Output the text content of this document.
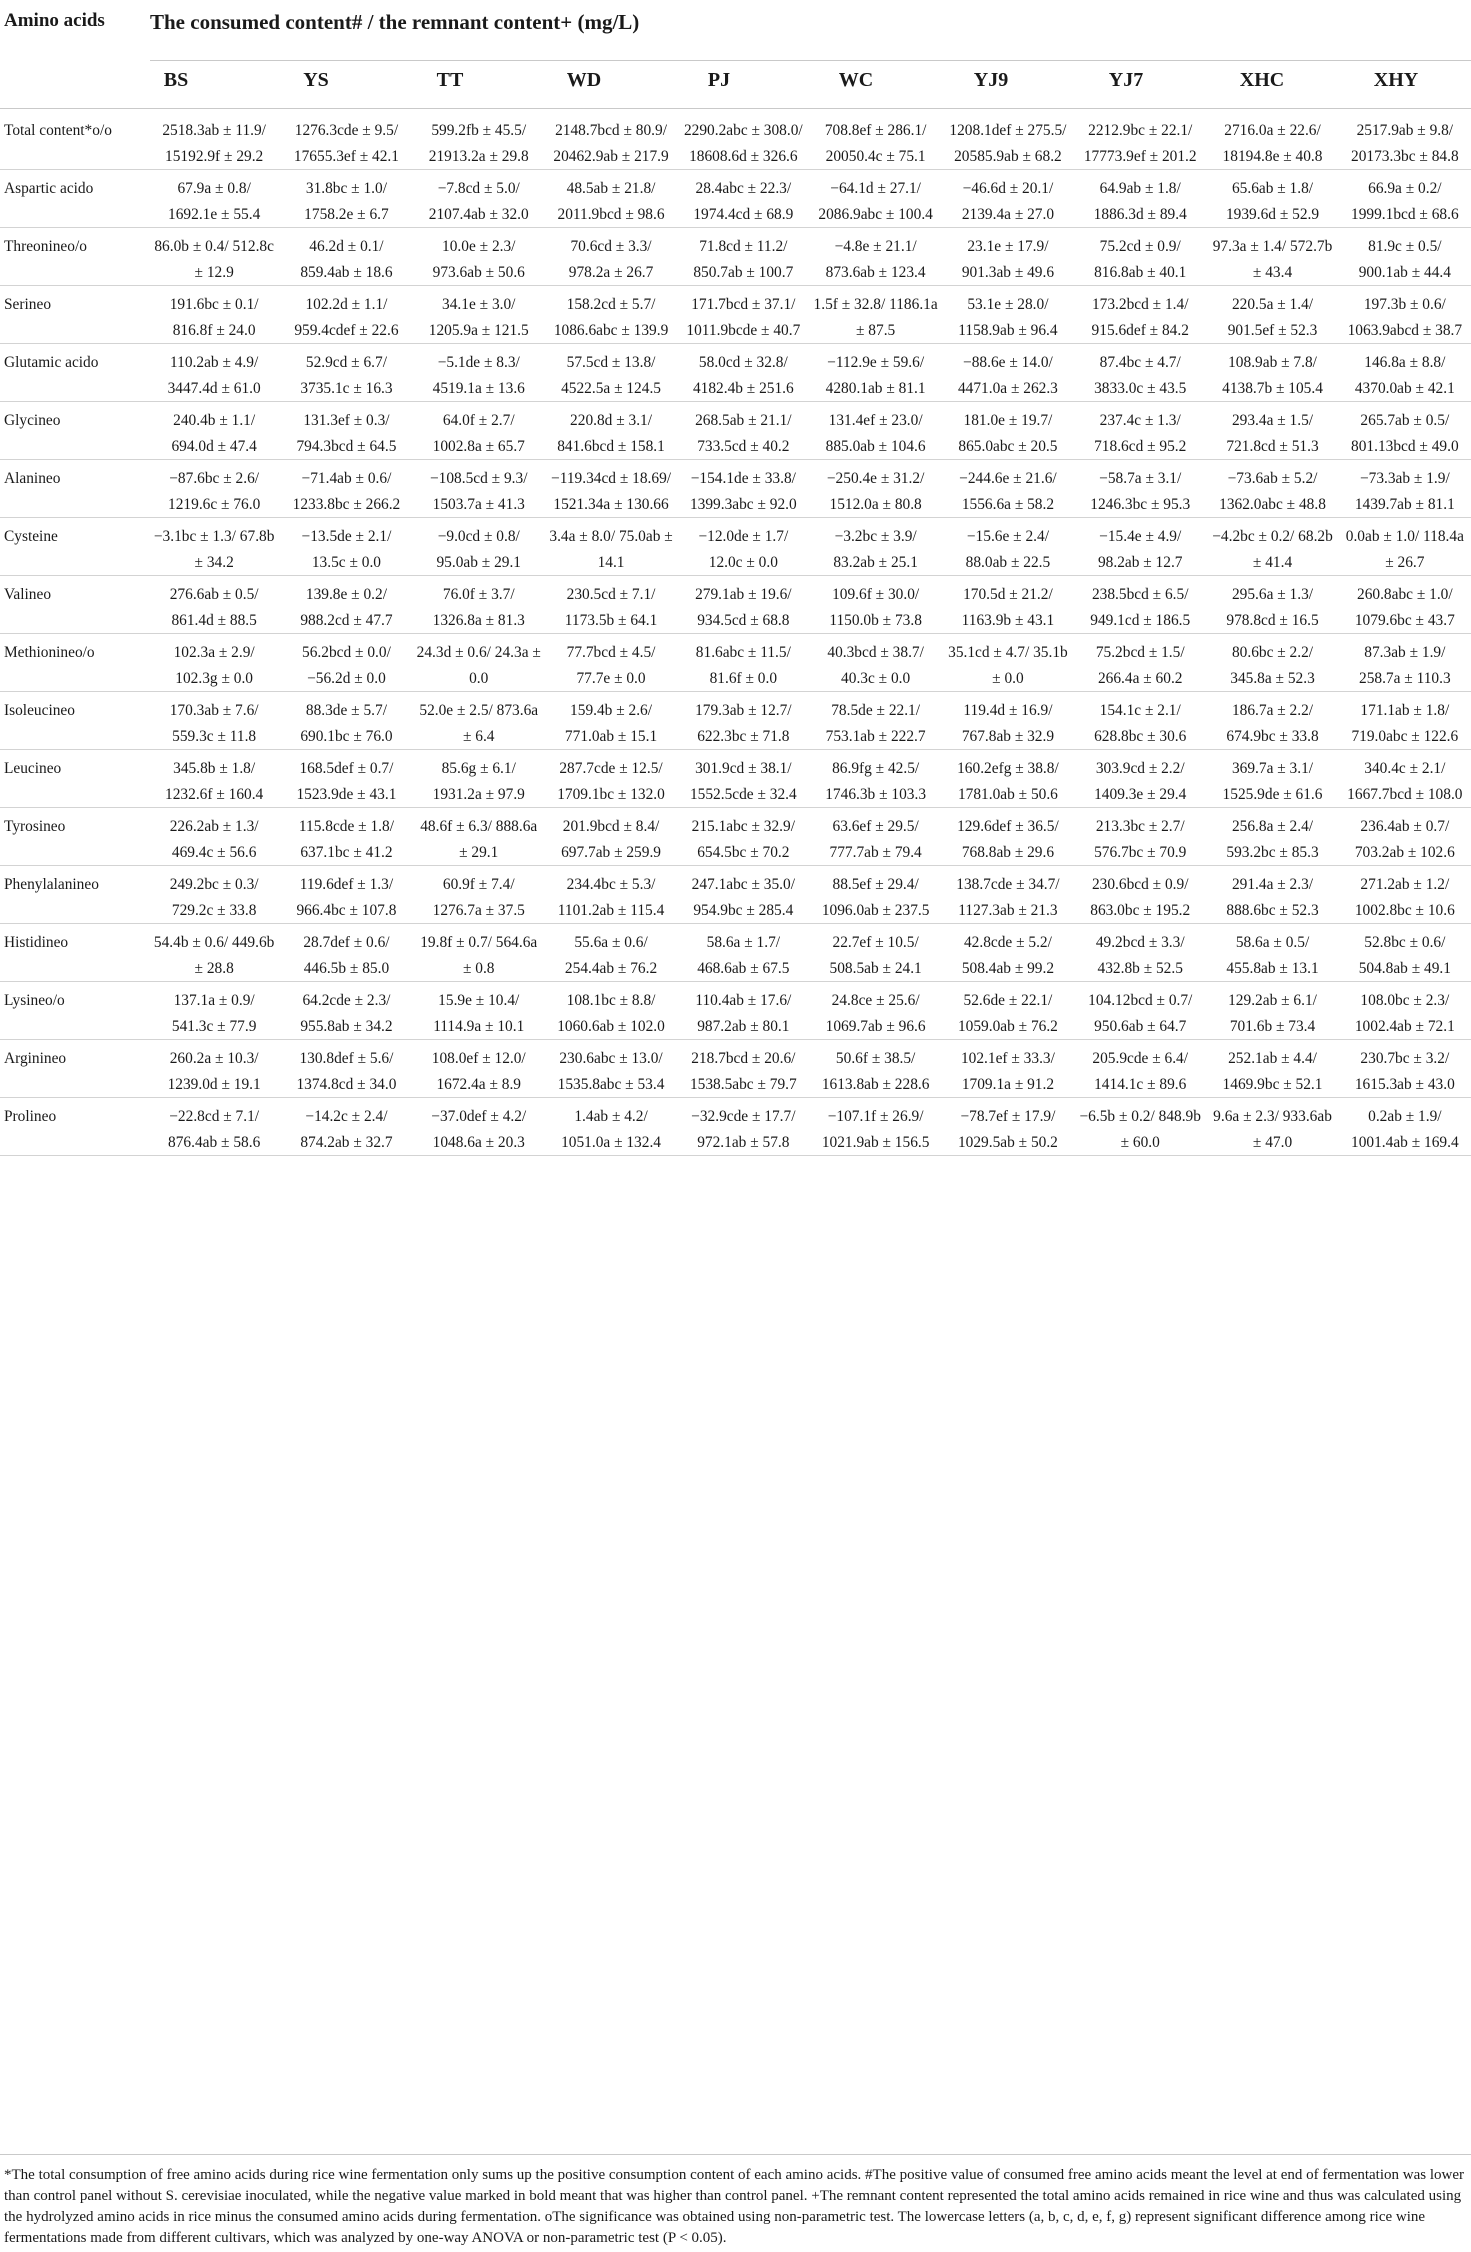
Amino acids	The consumed content# / the remnant content+ (mg/L)
BS	YS	TT	WD	PJ	WC	YJ9	YJ7	XHC	XHY
Total content*o/o	2518.3ab ± 11.9/ 15192.9f ± 29.2	1276.3cde ± 9.5/ 17655.3ef ± 42.1	599.2fb ± 45.5/ 21913.2a ± 29.8	2148.7bcd ± 80.9/ 20462.9ab ± 217.9	2290.2abc ± 308.0/ 18608.6d ± 326.6	708.8ef ± 286.1/ 20050.4c ± 75.1	1208.1def ± 275.5/ 20585.9ab ± 68.2	2212.9bc ± 22.1/ 17773.9ef ± 201.2	2716.0a ± 22.6/ 18194.8e ± 40.8	2517.9ab ± 9.8/ 20173.3bc ± 84.8
Aspartic acido	67.9a ± 0.8/ 1692.1e ± 55.4	31.8bc ± 1.0/ 1758.2e ± 6.7	−7.8cd ± 5.0/ 2107.4ab ± 32.0	48.5ab ± 21.8/ 2011.9bcd ± 98.6	28.4abc ± 22.3/ 1974.4cd ± 68.9	−64.1d ± 27.1/ 2086.9abc ± 100.4	−46.6d ± 20.1/ 2139.4a ± 27.0	64.9ab ± 1.8/ 1886.3d ± 89.4	65.6ab ± 1.8/ 1939.6d ± 52.9	66.9a ± 0.2/ 1999.1bcd ± 68.6
Threonineo/o	86.0b ± 0.4/ 512.8c ± 12.9	46.2d ± 0.1/ 859.4ab ± 18.6	10.0e ± 2.3/ 973.6ab ± 50.6	70.6cd ± 3.3/ 978.2a ± 26.7	71.8cd ± 11.2/ 850.7ab ± 100.7	−4.8e ± 21.1/ 873.6ab ± 123.4	23.1e ± 17.9/ 901.3ab ± 49.6	75.2cd ± 0.9/ 816.8ab ± 40.1	97.3a ± 1.4/ 572.7b ± 43.4	81.9c ± 0.5/ 900.1ab ± 44.4
Serineo	191.6bc ± 0.1/ 816.8f ± 24.0	102.2d ± 1.1/ 959.4cdef ± 22.6	34.1e ± 3.0/ 1205.9a ± 121.5	158.2cd ± 5.7/ 1086.6abc ± 139.9	171.7bcd ± 37.1/ 1011.9bcde ± 40.7	1.5f ± 32.8/ 1186.1a ± 87.5	53.1e ± 28.0/ 1158.9ab ± 96.4	173.2bcd ± 1.4/ 915.6def ± 84.2	220.5a ± 1.4/ 901.5ef ± 52.3	197.3b ± 0.6/ 1063.9abcd ± 38.7
Glutamic acido	110.2ab ± 4.9/ 3447.4d ± 61.0	52.9cd ± 6.7/ 3735.1c ± 16.3	−5.1de ± 8.3/ 4519.1a ± 13.6	57.5cd ± 13.8/ 4522.5a ± 124.5	58.0cd ± 32.8/ 4182.4b ± 251.6	−112.9e ± 59.6/ 4280.1ab ± 81.1	−88.6e ± 14.0/ 4471.0a ± 262.3	87.4bc ± 4.7/ 3833.0c ± 43.5	108.9ab ± 7.8/ 4138.7b ± 105.4	146.8a ± 8.8/ 4370.0ab ± 42.1
Glycineo	240.4b ± 1.1/ 694.0d ± 47.4	131.3ef ± 0.3/ 794.3bcd ± 64.5	64.0f ± 2.7/ 1002.8a ± 65.7	220.8d ± 3.1/ 841.6bcd ± 158.1	268.5ab ± 21.1/ 733.5cd ± 40.2	131.4ef ± 23.0/ 885.0ab ± 104.6	181.0e ± 19.7/ 865.0abc ± 20.5	237.4c ± 1.3/ 718.6cd ± 95.2	293.4a ± 1.5/ 721.8cd ± 51.3	265.7ab ± 0.5/ 801.13bcd ± 49.0
Alanineo	−87.6bc ± 2.6/ 1219.6c ± 76.0	−71.4ab ± 0.6/ 1233.8bc ± 266.2	−108.5cd ± 9.3/ 1503.7a ± 41.3	−119.34cd ± 18.69/ 1521.34a ± 130.66	−154.1de ± 33.8/ 1399.3abc ± 92.0	−250.4e ± 31.2/ 1512.0a ± 80.8	−244.6e ± 21.6/ 1556.6a ± 58.2	−58.7a ± 3.1/ 1246.3bc ± 95.3	−73.6ab ± 5.2/ 1362.0abc ± 48.8	−73.3ab ± 1.9/ 1439.7ab ± 81.1
Cysteine	−3.1bc ± 1.3/ 67.8b ± 34.2	−13.5de ± 2.1/ 13.5c ± 0.0	−9.0cd ± 0.8/ 95.0ab ± 29.1	3.4a ± 8.0/ 75.0ab ± 14.1	−12.0de ± 1.7/ 12.0c ± 0.0	−3.2bc ± 3.9/ 83.2ab ± 25.1	−15.6e ± 2.4/ 88.0ab ± 22.5	−15.4e ± 4.9/ 98.2ab ± 12.7	−4.2bc ± 0.2/ 68.2b ± 41.4	0.0ab ± 1.0/ 118.4a ± 26.7
Valineo	276.6ab ± 0.5/ 861.4d ± 88.5	139.8e ± 0.2/ 988.2cd ± 47.7	76.0f ± 3.7/ 1326.8a ± 81.3	230.5cd ± 7.1/ 1173.5b ± 64.1	279.1ab ± 19.6/ 934.5cd ± 68.8	109.6f ± 30.0/ 1150.0b ± 73.8	170.5d ± 21.2/ 1163.9b ± 43.1	238.5bcd ± 6.5/ 949.1cd ± 186.5	295.6a ± 1.3/ 978.8cd ± 16.5	260.8abc ± 1.0/ 1079.6bc ± 43.7
Methionineo/o	102.3a ± 2.9/ 102.3g ± 0.0	56.2bcd ± 0.0/ −56.2d ± 0.0	24.3d ± 0.6/ 24.3a ± 0.0	77.7bcd ± 4.5/ 77.7e ± 0.0	81.6abc ± 11.5/ 81.6f ± 0.0	40.3bcd ± 38.7/ 40.3c ± 0.0	35.1cd ± 4.7/ 35.1b ± 0.0	75.2bcd ± 1.5/ 266.4a ± 60.2	80.6bc ± 2.2/ 345.8a ± 52.3	87.3ab ± 1.9/ 258.7a ± 110.3
Isoleucineo	170.3ab ± 7.6/ 559.3c ± 11.8	88.3de ± 5.7/ 690.1bc ± 76.0	52.0e ± 2.5/ 873.6a ± 6.4	159.4b ± 2.6/ 771.0ab ± 15.1	179.3ab ± 12.7/ 622.3bc ± 71.8	78.5de ± 22.1/ 753.1ab ± 222.7	119.4d ± 16.9/ 767.8ab ± 32.9	154.1c ± 2.1/ 628.8bc ± 30.6	186.7a ± 2.2/ 674.9bc ± 33.8	171.1ab ± 1.8/ 719.0abc ± 122.6
Leucineo	345.8b ± 1.8/ 1232.6f ± 160.4	168.5def ± 0.7/ 1523.9de ± 43.1	85.6g ± 6.1/ 1931.2a ± 97.9	287.7cde ± 12.5/ 1709.1bc ± 132.0	301.9cd ± 38.1/ 1552.5cde ± 32.4	86.9fg ± 42.5/ 1746.3b ± 103.3	160.2efg ± 38.8/ 1781.0ab ± 50.6	303.9cd ± 2.2/ 1409.3e ± 29.4	369.7a ± 3.1/ 1525.9de ± 61.6	340.4c ± 2.1/ 1667.7bcd ± 108.0
Tyrosineo	226.2ab ± 1.3/ 469.4c ± 56.6	115.8cde ± 1.8/ 637.1bc ± 41.2	48.6f ± 6.3/ 888.6a ± 29.1	201.9bcd ± 8.4/ 697.7ab ± 259.9	215.1abc ± 32.9/ 654.5bc ± 70.2	63.6ef ± 29.5/ 777.7ab ± 79.4	129.6def ± 36.5/ 768.8ab ± 29.6	213.3bc ± 2.7/ 576.7bc ± 70.9	256.8a ± 2.4/ 593.2bc ± 85.3	236.4ab ± 0.7/ 703.2ab ± 102.6
Phenylalanineo	249.2bc ± 0.3/ 729.2c ± 33.8	119.6def ± 1.3/ 966.4bc ± 107.8	60.9f ± 7.4/ 1276.7a ± 37.5	234.4bc ± 5.3/ 1101.2ab ± 115.4	247.1abc ± 35.0/ 954.9bc ± 285.4	88.5ef ± 29.4/ 1096.0ab ± 237.5	138.7cde ± 34.7/ 1127.3ab ± 21.3	230.6bcd ± 0.9/ 863.0bc ± 195.2	291.4a ± 2.3/ 888.6bc ± 52.3	271.2ab ± 1.2/ 1002.8bc ± 10.6
Histidineo	54.4b ± 0.6/ 449.6b ± 28.8	28.7def ± 0.6/ 446.5b ± 85.0	19.8f ± 0.7/ 564.6a ± 0.8	55.6a ± 0.6/ 254.4ab ± 76.2	58.6a ± 1.7/ 468.6ab ± 67.5	22.7ef ± 10.5/ 508.5ab ± 24.1	42.8cde ± 5.2/ 508.4ab ± 99.2	49.2bcd ± 3.3/ 432.8b ± 52.5	58.6a ± 0.5/ 455.8ab ± 13.1	52.8bc ± 0.6/ 504.8ab ± 49.1
Lysineo/o	137.1a ± 0.9/ 541.3c ± 77.9	64.2cde ± 2.3/ 955.8ab ± 34.2	15.9e ± 10.4/ 1114.9a ± 10.1	108.1bc ± 8.8/ 1060.6ab ± 102.0	110.4ab ± 17.6/ 987.2ab ± 80.1	24.8ce ± 25.6/ 1069.7ab ± 96.6	52.6de ± 22.1/ 1059.0ab ± 76.2	104.12bcd ± 0.7/ 950.6ab ± 64.7	129.2ab ± 6.1/ 701.6b ± 73.4	108.0bc ± 2.3/ 1002.4ab ± 72.1
Arginineo	260.2a ± 10.3/ 1239.0d ± 19.1	130.8def ± 5.6/ 1374.8cd ± 34.0	108.0ef ± 12.0/ 1672.4a ± 8.9	230.6abc ± 13.0/ 1535.8abc ± 53.4	218.7bcd ± 20.6/ 1538.5abc ± 79.7	50.6f ± 38.5/ 1613.8ab ± 228.6	102.1ef ± 33.3/ 1709.1a ± 91.2	205.9cde ± 6.4/ 1414.1c ± 89.6	252.1ab ± 4.4/ 1469.9bc ± 52.1	230.7bc ± 3.2/ 1615.3ab ± 43.0
Prolineo	−22.8cd ± 7.1/ 876.4ab ± 58.6	−14.2c ± 2.4/ 874.2ab ± 32.7	−37.0def ± 4.2/ 1048.6a ± 20.3	1.4ab ± 4.2/ 1051.0a ± 132.4	−32.9cde ± 17.7/ 972.1ab ± 57.8	−107.1f ± 26.9/ 1021.9ab ± 156.5	−78.7ef ± 17.9/ 1029.5ab ± 50.2	−6.5b ± 0.2/ 848.9b ± 60.0	9.6a ± 2.3/ 933.6ab ± 47.0	0.2ab ± 1.9/ 1001.4ab ± 169.4
*The total consumption of free amino acids during rice wine fermentation only sums up the positive consumption content of each amino acids. #The positive value of consumed free amino acids meant the level at end of fermentation was lower than control panel without S. cerevisiae inoculated, while the negative value marked in bold meant that was higher than control panel. +The remnant content represented the total amino acids remained in rice wine and thus was calculated using the hydrolyzed amino acids in rice minus the consumed amino acids during fermentation. oThe significance was obtained using non-parametric test. The lowercase letters (a, b, c, d, e, f, g) represent significant difference among rice wine fermentations made from different cultivars, which was analyzed by one-way ANOVA or non-parametric test (P < 0.05).
